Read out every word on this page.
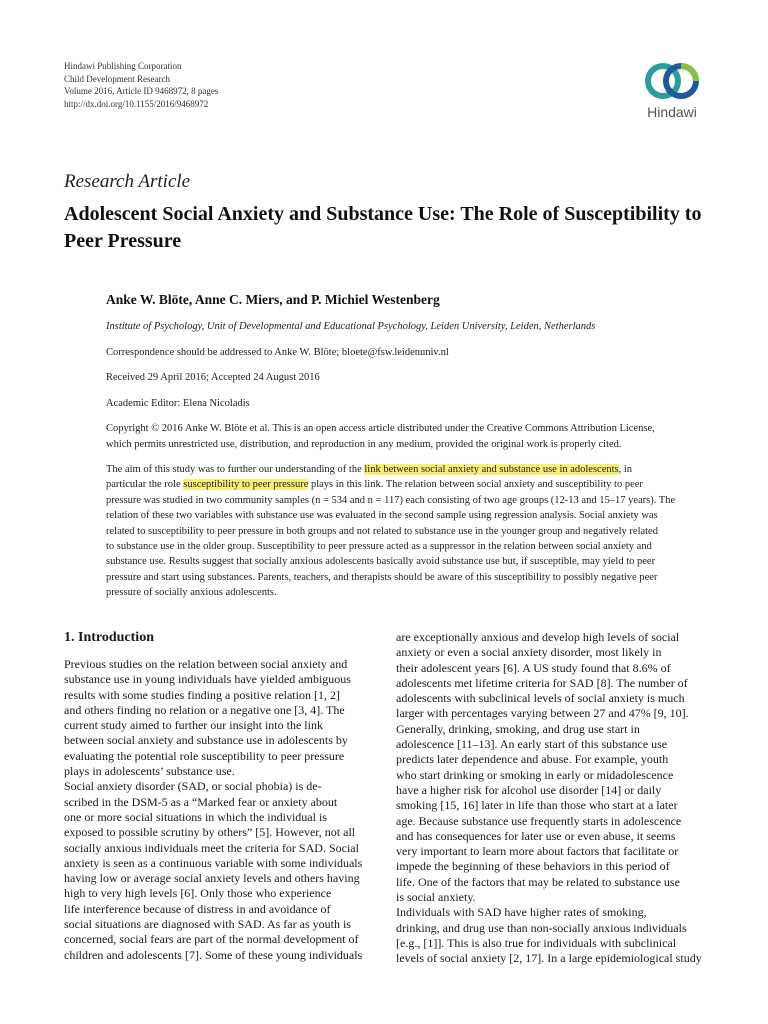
Hindawi Publishing Corporation
Child Development Research
Volume 2016, Article ID 9468972, 8 pages
http://dx.doi.org/10.1155/2016/9468972
Hindawi
Research Article
Adolescent Social Anxiety and Substance Use: The Role of Susceptibility to Peer Pressure
Anke W. Blöte, Anne C. Miers, and P. Michiel Westenberg
Institute of Psychology, Unit of Developmental and Educational Psychology, Leiden University, Leiden, Netherlands
Correspondence should be addressed to Anke W. Blöte; bloete@fsw.leidenuniv.nl
Received 29 April 2016; Accepted 24 August 2016
Academic Editor: Elena Nicoladis
Copyright © 2016 Anke W. Blöte et al. This is an open access article distributed under the Creative Commons Attribution License,
which permits unrestricted use, distribution, and reproduction in any medium, provided the original work is properly cited.
The aim of this study was to further our understanding of the link between social anxiety and substance use in adolescents, in
particular the role susceptibility to peer pressure plays in this link. The relation between social anxiety and susceptibility to peer
pressure was studied in two community samples (n = 534 and n = 117) each consisting of two age groups (12-13 and 15–17 years). The
relation of these two variables with substance use was evaluated in the second sample using regression analysis. Social anxiety was
related to susceptibility to peer pressure in both groups and not related to substance use in the younger group and negatively related
to substance use in the older group. Susceptibility to peer pressure acted as a suppressor in the relation between social anxiety and
substance use. Results suggest that socially anxious adolescents basically avoid substance use but, if susceptible, may yield to peer
pressure and start using substances. Parents, teachers, and therapists should be aware of this susceptibility to possibly negative peer
pressure of socially anxious adolescents.
1. Introduction
Previous studies on the relation between social anxiety and
substance use in young individuals have yielded ambiguous
results with some studies finding a positive relation [1, 2]
and others finding no relation or a negative one [3, 4]. The
current study aimed to further our insight into the link
between social anxiety and substance use in adolescents by
evaluating the potential role susceptibility to peer pressure
plays in adolescents’ substance use.
Social anxiety disorder (SAD, or social phobia) is de-
scribed in the DSM-5 as a “Marked fear or anxiety about
one or more social situations in which the individual is
exposed to possible scrutiny by others” [5]. However, not all
socially anxious individuals meet the criteria for SAD. Social
anxiety is seen as a continuous variable with some individuals
having low or average social anxiety levels and others having
high to very high levels [6]. Only those who experience
life interference because of distress in and avoidance of
social situations are diagnosed with SAD. As far as youth is
concerned, social fears are part of the normal development of
children and adolescents [7]. Some of these young individuals
are exceptionally anxious and develop high levels of social
anxiety or even a social anxiety disorder, most likely in
their adolescent years [6]. A US study found that 8.6% of
adolescents met lifetime criteria for SAD [8]. The number of
adolescents with subclinical levels of social anxiety is much
larger with percentages varying between 27 and 47% [9, 10].
Generally, drinking, smoking, and drug use start in
adolescence [11–13]. An early start of this substance use
predicts later dependence and abuse. For example, youth
who start drinking or smoking in early or midadolescence
have a higher risk for alcohol use disorder [14] or daily
smoking [15, 16] later in life than those who start at a later
age. Because substance use frequently starts in adolescence
and has consequences for later use or even abuse, it seems
very important to learn more about factors that facilitate or
impede the beginning of these behaviors in this period of
life. One of the factors that may be related to substance use
is social anxiety.
Individuals with SAD have higher rates of smoking,
drinking, and drug use than non-socially anxious individuals
[e.g., [1]]. This is also true for individuals with subclinical
levels of social anxiety [2, 17]. In a large epidemiological study
